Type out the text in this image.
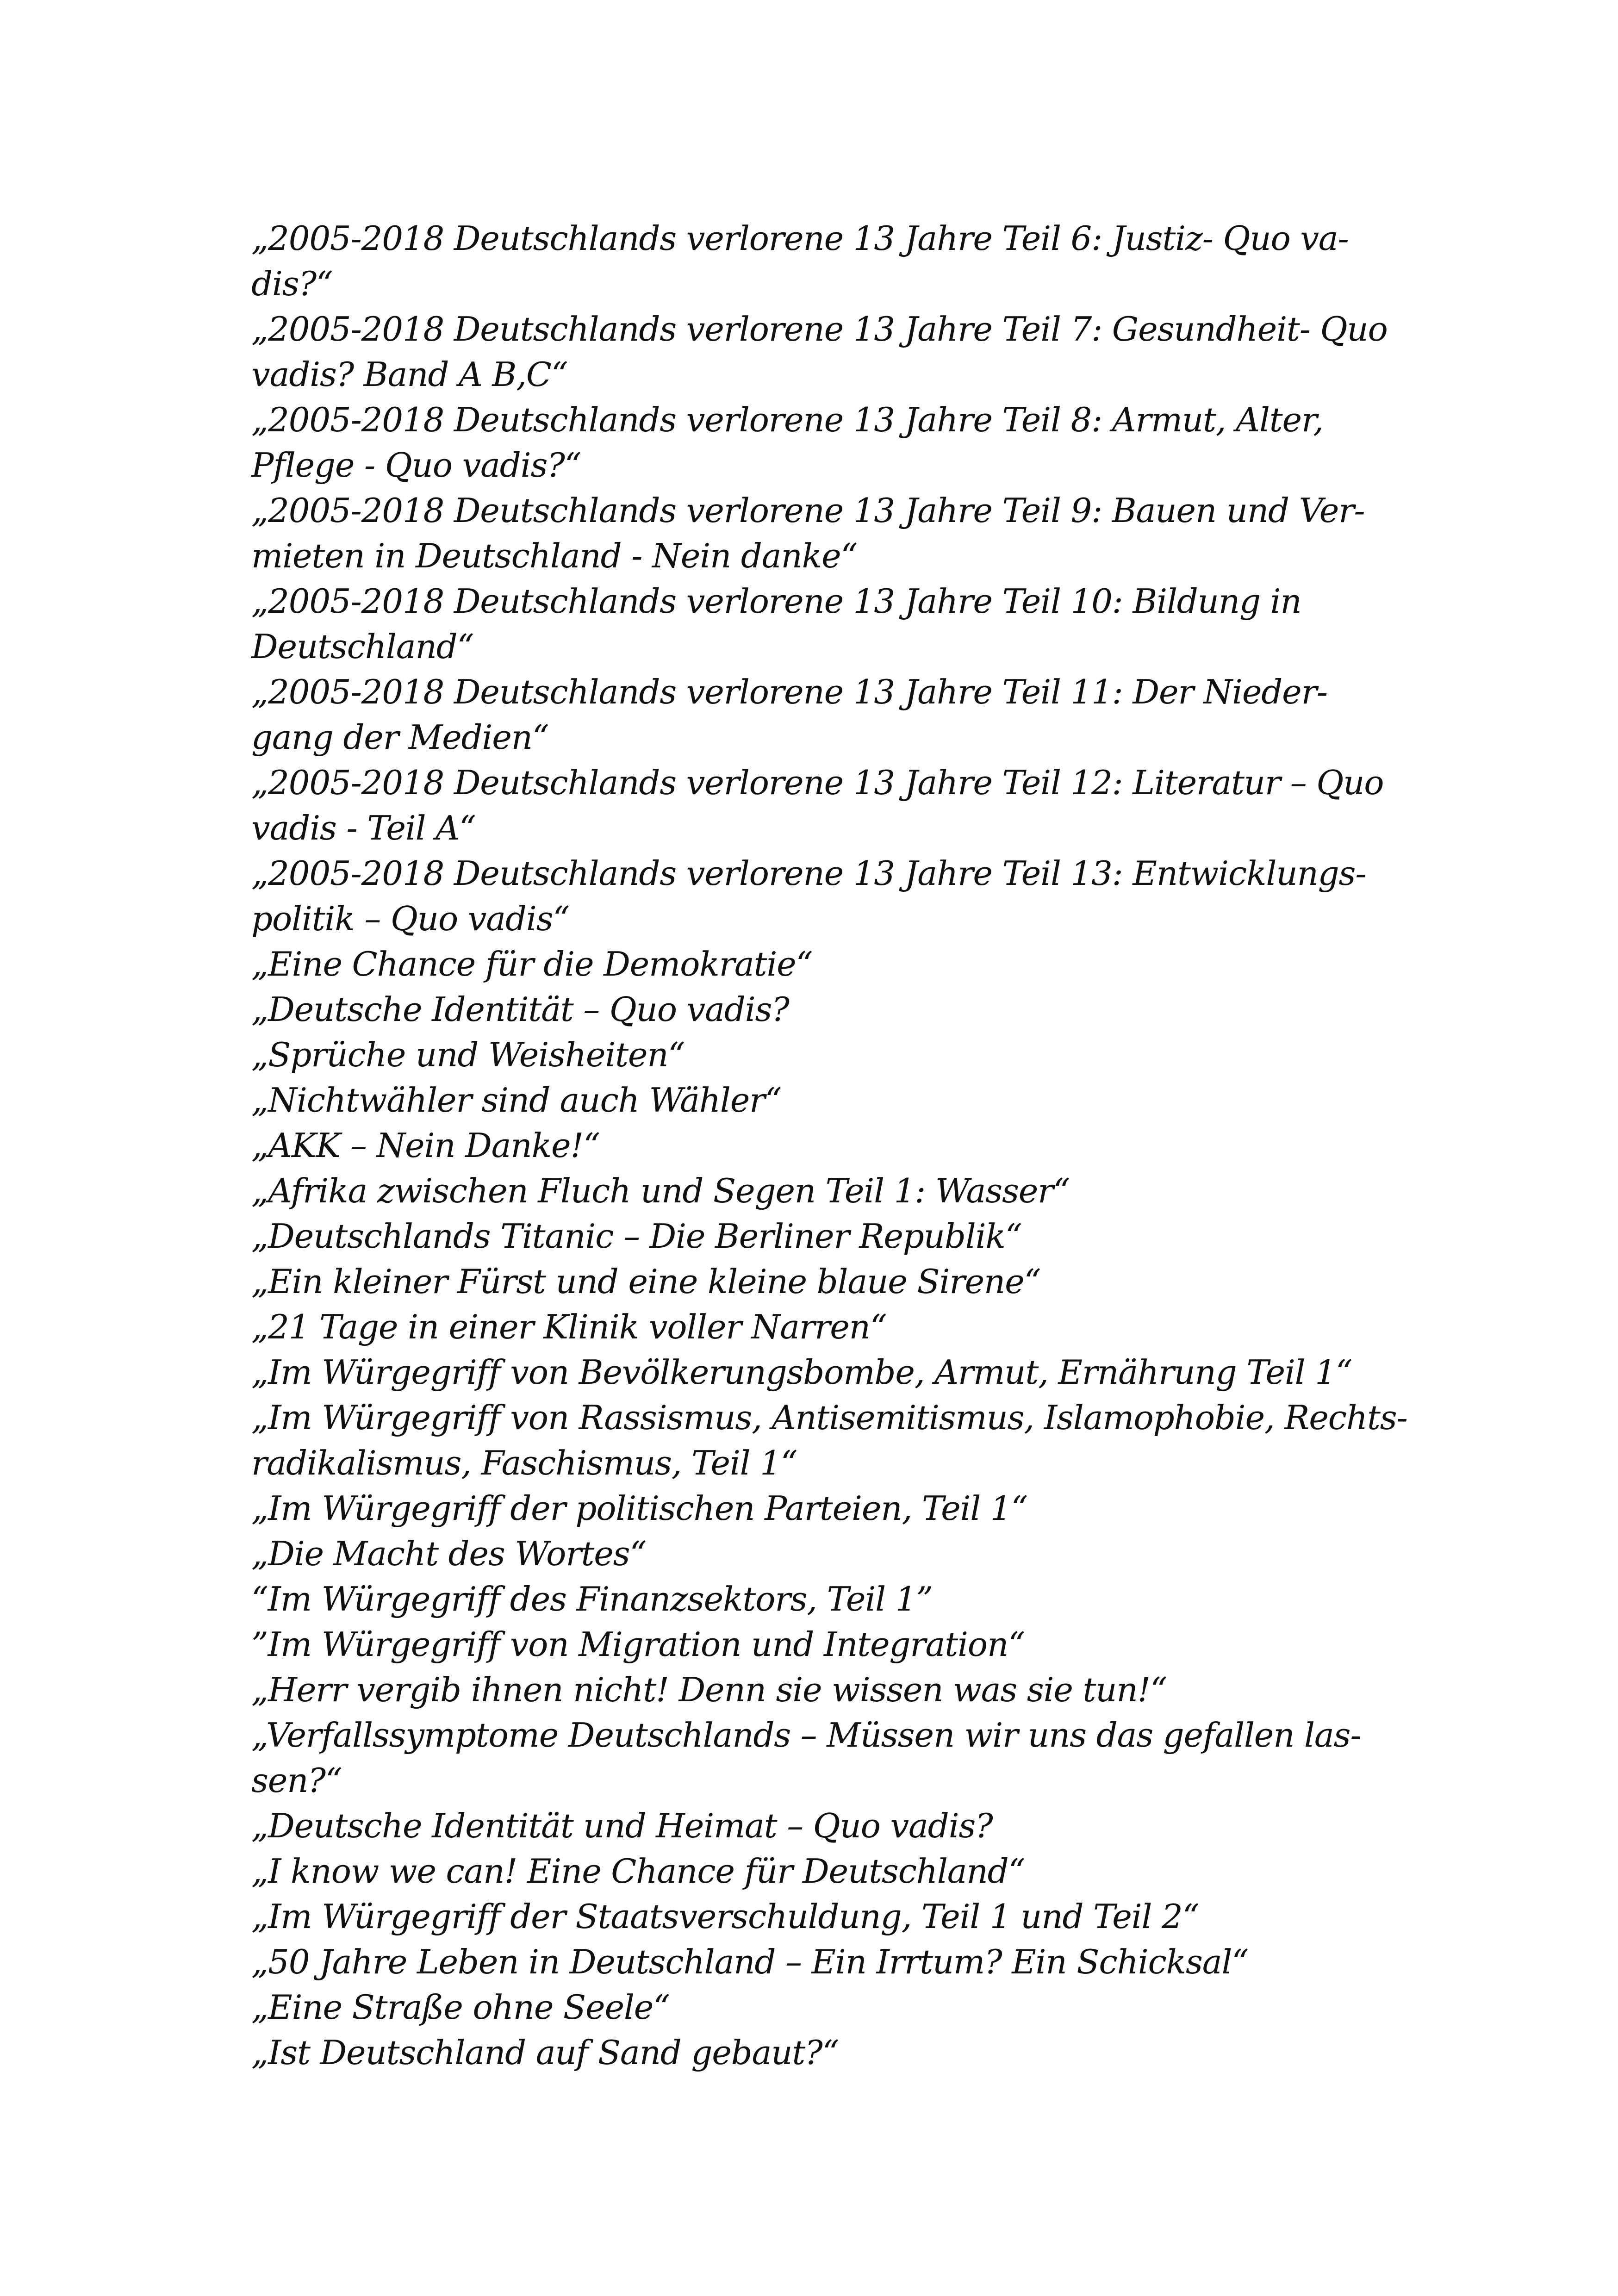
„2005-2018 Deutschlands verlorene 13 Jahre Teil 6: Justiz- Quo va-
dis?“
„2005-2018 Deutschlands verlorene 13 Jahre Teil 7: Gesundheit- Quo
vadis? Band A B,C“
„2005-2018 Deutschlands verlorene 13 Jahre Teil 8: Armut, Alter,
Pflege - Quo vadis?“
„2005-2018 Deutschlands verlorene 13 Jahre Teil 9: Bauen und Ver-
mieten in Deutschland - Nein danke“
„2005-2018 Deutschlands verlorene 13 Jahre Teil 10: Bildung in
Deutschland“
„2005-2018 Deutschlands verlorene 13 Jahre Teil 11: Der Nieder-
gang der Medien“
„2005-2018 Deutschlands verlorene 13 Jahre Teil 12: Literatur – Quo
vadis - Teil A“
„2005-2018 Deutschlands verlorene 13 Jahre Teil 13: Entwicklungs-
politik – Quo vadis“
„Eine Chance für die Demokratie“
„Deutsche Identität – Quo vadis?
„Sprüche und Weisheiten“
„Nichtwähler sind auch Wähler“
„AKK – Nein Danke!“
„Afrika zwischen Fluch und Segen Teil 1: Wasser“
„Deutschlands Titanic – Die Berliner Republik“
„Ein kleiner Fürst und eine kleine blaue Sirene“
„21 Tage in einer Klinik voller Narren“
„Im Würgegriff von Bevölkerungsbombe, Armut, Ernährung Teil 1“
„Im Würgegriff von Rassismus, Antisemitismus, Islamophobie, Rechts-
radikalismus, Faschismus, Teil 1“
„Im Würgegriff der politischen Parteien, Teil 1“
„Die Macht des Wortes“
“Im Würgegriff des Finanzsektors, Teil 1”
”Im Würgegriff von Migration und Integration“
„Herr vergib ihnen nicht! Denn sie wissen was sie tun!“
„Verfallssymptome Deutschlands – Müssen wir uns das gefallen las-
sen?“
„Deutsche Identität und Heimat – Quo vadis?
„I know we can! Eine Chance für Deutschland“
„Im Würgegriff der Staatsverschuldung, Teil 1 und Teil 2“
„50 Jahre Leben in Deutschland – Ein Irrtum? Ein Schicksal“
„Eine Straße ohne Seele“
„Ist Deutschland auf Sand gebaut?“
